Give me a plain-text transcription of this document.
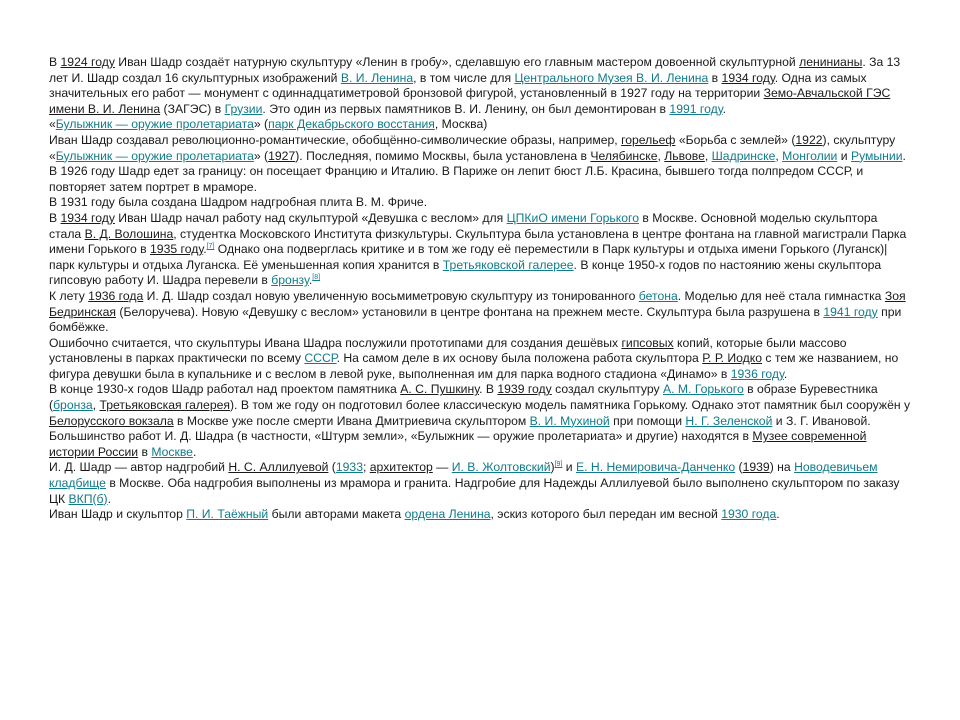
В 1924 году Иван Шадр создаёт натурную скульптуру «Ленин в гробу», сделавшую его главным мастером довоенной скульптурной ленинианы. За 13 лет И. Шадр создал 16 скульптурных изображений В. И. Ленина, в том числе для Центрального Музея В. И. Ленина в 1934 году. Одна из самых значительных его работ — монумент с одиннадцатиметровой бронзовой фигурой, установленный в 1927 году на территории Земо-Авчальской ГЭС имени В. И. Ленина (ЗАГЭС) в Грузии. Это один из первых памятников В. И. Ленину, он был демонтирован в 1991 году.

«Булыжник — оружие пролетариата» (парк Декабрьского восстания, Москва)

Иван Шадр создавал революционно-романтические, обобщённо-символические образы, например, горельеф «Борьба с землей» (1922), скульптуру «Булыжник — оружие пролетариата» (1927). Последняя, помимо Москвы, была установлена в Челябинске, Львове, Шадринске, Монголии и Румынии.

В 1926 году Шадр едет за границу: он посещает Францию и Италию. В Париже он лепит бюст Л.Б. Красина, бывшего тогда полпредом СССР, и повторяет затем портрет в мраморе.

В 1931 году была создана Шадром надгробная плита В. М. Фриче.

В 1934 году Иван Шадр начал работу над скульптурой «Девушка с веслом» для ЦПКиО имени Горького в Москве. Основной моделью скульптора стала В. Д. Волошина, студентка Московского Института физкультуры. Скульптура была установлена в центре фонтана на главной магистрали Парка имени Горького в 1935 году.[7] Однако она подверглась критике и в том же году её переместили в Парк культуры и отдыха имени Горького (Луганск)|парк культуры и отдыха Луганска. Её уменьшенная копия хранится в Третьяковской галерее. В конце 1950-х годов по настоянию жены скульптора гипсовую работу И. Шадра перевели в бронзу.[8]

К лету 1936 года И. Д. Шадр создал новую увеличенную восьмиметровую скульптуру из тонированного бетона. Моделью для неё стала гимнастка Зоя Бедринская (Белоручева). Новую «Девушку с веслом» установили в центре фонтана на прежнем месте. Скульптура была разрушена в 1941 году при бомбёжке.

Ошибочно считается, что скульптуры Ивана Шадра послужили прототипами для создания дешёвых гипсовых копий, которые были массово установлены в парках практически по всему СССР. На самом деле в их основу была положена работа скульптора Р. Р. Иодко с тем же названием, но фигура девушки была в купальнике и с веслом в левой руке, выполненная им для парка водного стадиона «Динамо» в 1936 году.

В конце 1930-х годов Шадр работал над проектом памятника А. С. Пушкину. В 1939 году создал скульптуру А. М. Горького в образе Буревестника (бронза, Третьяковская галерея). В том же году он подготовил более классическую модель памятника Горькому. Однако этот памятник был сооружён у Белорусского вокзала в Москве уже после смерти Ивана Дмитриевича скульптором В. И. Мухиной при помощи Н. Г. Зеленской и З. Г. Ивановой.

Большинство работ И. Д. Шадра (в частности, «Штурм земли», «Булыжник — оружие пролетариата» и другие) находятся в Музее современной истории России в Москве.

И. Д. Шадр — автор надгробий Н. С. Аллилуевой (1933; архитектор — И. В. Жолтовский)[9] и Е. Н. Немировича-Данченко (1939) на Новодевичьем кладбище в Москве. Оба надгробия выполнены из мрамора и гранита. Надгробие для Надежды Аллилуевой было выполнено скульптором по заказу ЦК ВКП(б).

Иван Шадр и скульптор П. И. Таёжный были авторами макета ордена Ленина, эскиз которого был передан им весной 1930 года.
